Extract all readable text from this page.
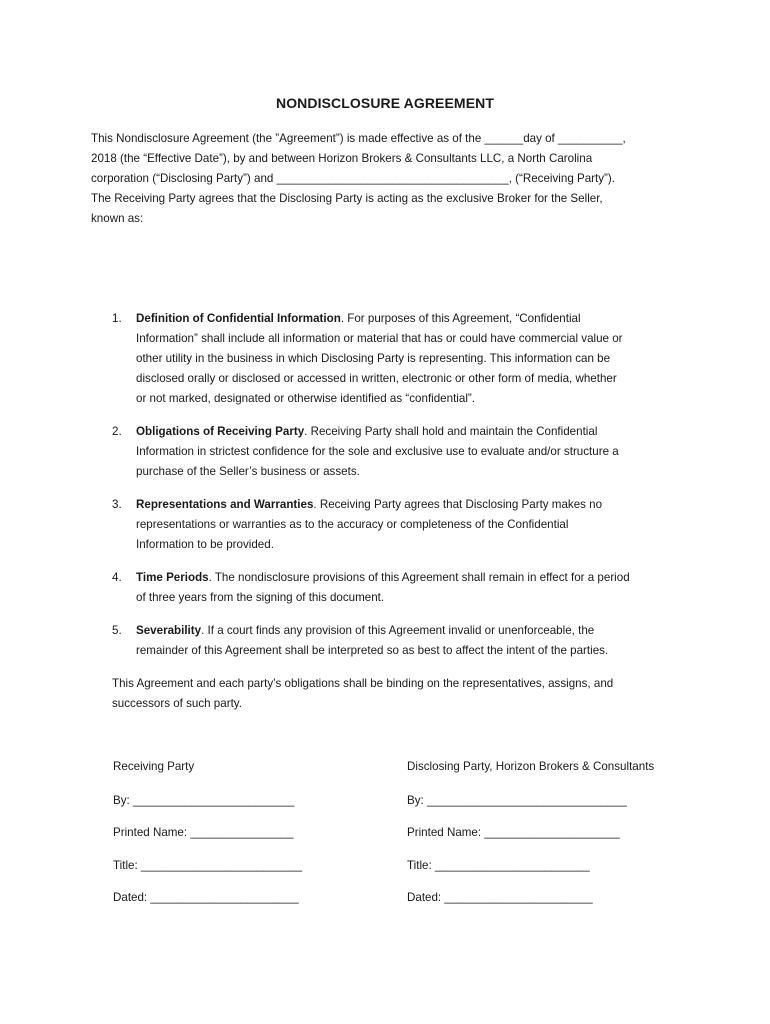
NONDISCLOSURE AGREEMENT

This Nondisclosure Agreement (the ”Agreement”) is made effective as of the ______day of __________,

2018 (the “Effective Date”), by and between Horizon Brokers & Consultants LLC, a North Carolina

corporation (“Disclosing Party”) and ____________________________________, (“Receiving Party”).

The Receiving Party agrees that the Disclosing Party is acting as the exclusive Broker for the Seller,

known as:

1.	Definition of Confidential Information. For purposes of this Agreement, “Confidential
Information” shall include all information or material that has or could have commercial value or
other utility in the business in which Disclosing Party is representing. This information can be
disclosed orally or disclosed or accessed in written, electronic or other form of media, whether
or not marked, designated or otherwise identified as “confidential”.
2.	Obligations of Receiving Party. Receiving Party shall hold and maintain the Confidential
Information in strictest confidence for the sole and exclusive use to evaluate and/or structure a
purchase of the Seller’s business or assets.
3.	Representations and Warranties. Receiving Party agrees that Disclosing Party makes no
representations or warranties as to the accuracy or completeness of the Confidential
Information to be provided.
4.	Time Periods. The nondisclosure provisions of this Agreement shall remain in effect for a period
of three years from the signing of this document.
5.	Severability. If a court finds any provision of this Agreement invalid or unenforceable, the
remainder of this Agreement shall be interpreted so as best to affect the intent of the parties.
This Agreement and each party’s obligations shall be binding on the representatives, assigns, and
successors of such party.
Receiving Party
By: _________________________
Printed Name: ________________
Title: _________________________
Dated: _______________________
Disclosing Party, Horizon Brokers & Consultants
By: _______________________________
Printed Name: _____________________
Title: ________________________
Dated: _______________________
